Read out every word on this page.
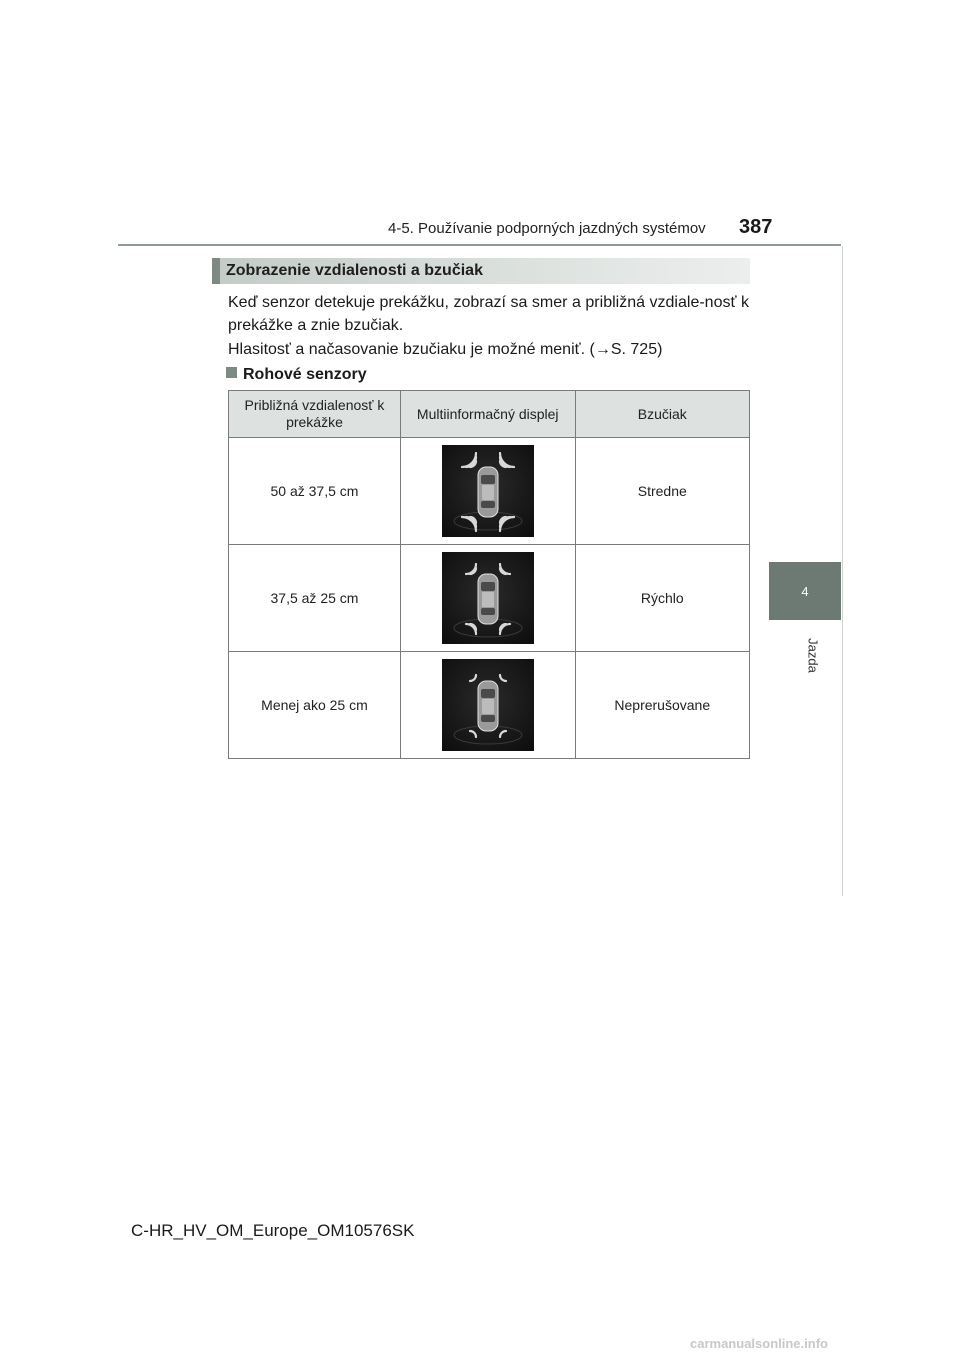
4-5. Používanie podporných jazdných systémov 387
4
Jazda
Zobrazenie vzdialenosti a bzučiak
Keď senzor detekuje prekážku, zobrazí sa smer a približná vzdiale-nosť k prekážke a znie bzučiak.
Hlasitosť a načasovanie bzučiaku je možné meniť. (→S. 725)
Rohové senzory
Približná vzdialenosť k prekážke	Multiinformačný displej	Bzučiak
50 až 37,5 cm		Stredne
37,5 až 25 cm		Rýchlo
Menej ako 25 cm		Neprerušovane
C-HR_HV_OM_Europe_OM10576SK
carmanualsonline.info
